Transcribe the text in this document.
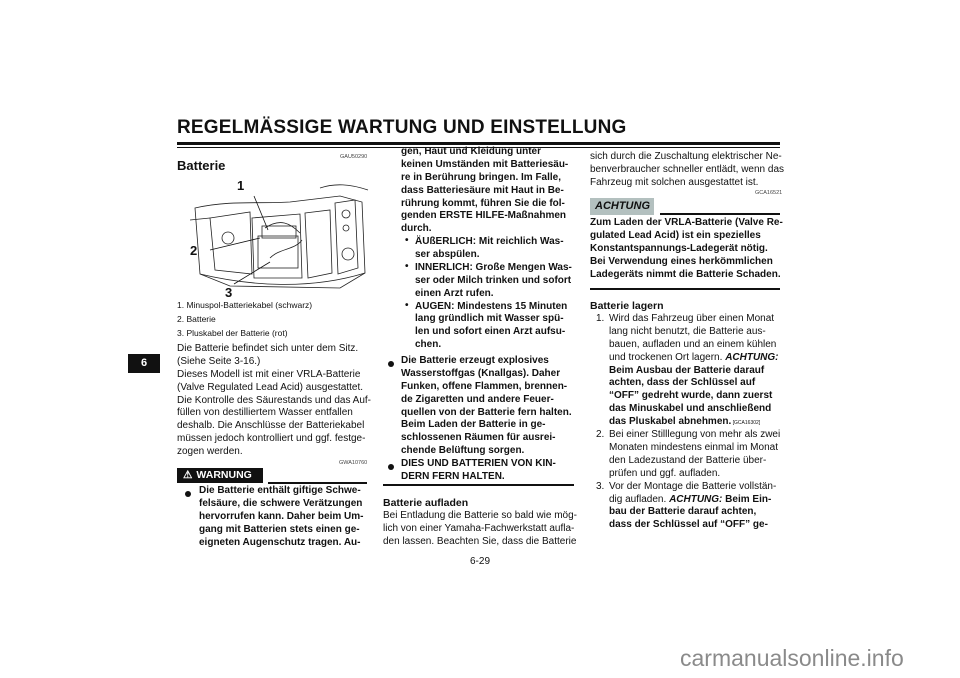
REGELMÄSSIGE WARTUNG UND EINSTELLUNG
6
GAU50290
Batterie
1
2
3
1. Minuspol-Batteriekabel (schwarz)
2. Batterie
3. Pluskabel der Batterie (rot)
Die Batterie befindet sich unter dem Sitz.
(Siehe Seite 3-16.)
Dieses Modell ist mit einer VRLA-Batterie
(Valve Regulated Lead Acid) ausgestattet.
Die Kontrolle des Säurestands und das Auf-
füllen von destilliertem Wasser entfallen
deshalb. Die Anschlüsse der Batteriekabel
müssen jedoch kontrolliert und ggf. festge-
zogen werden.
GWA10760
⚠ WARNUNG
Die Batterie enthält giftige Schwe-
felsäure, die schwere Verätzungen
hervorrufen kann. Daher beim Um-
gang mit Batterien stets einen ge-
eigneten Augenschutz tragen. Au-
gen, Haut und Kleidung unter
keinen Umständen mit Batteriesäu-
re in Berührung bringen. Im Falle,
dass Batteriesäure mit Haut in Be-
rührung kommt, führen Sie die fol-
genden ERSTE HILFE-Maßnahmen
durch.
• ÄUßERLICH: Mit reichlich Was-
ser abspülen.
• INNERLICH: Große Mengen Was-
ser oder Milch trinken und sofort
einen Arzt rufen.
• AUGEN: Mindestens 15 Minuten
lang gründlich mit Wasser spü-
len und sofort einen Arzt aufsu-
chen.
Die Batterie erzeugt explosives
Wasserstoffgas (Knallgas). Daher
Funken, offene Flammen, brennen-
de Zigaretten und andere Feuer-
quellen von der Batterie fern halten.
Beim Laden der Batterie in ge-
schlossenen Räumen für ausrei-
chende Belüftung sorgen.
DIES UND BATTERIEN VON KIN-
DERN FERN HALTEN.
Batterie aufladen
Bei Entladung die Batterie so bald wie mög-
lich von einer Yamaha-Fachwerkstatt aufla-
den lassen. Beachten Sie, dass die Batterie
sich durch die Zuschaltung elektrischer Ne-
benverbraucher schneller entlädt, wenn das
Fahrzeug mit solchen ausgestattet ist.
GCA16521
ACHTUNG
Zum Laden der VRLA-Batterie (Valve Re-
gulated Lead Acid) ist ein spezielles
Konstantspannungs-Ladegerät nötig.
Bei Verwendung eines herkömmlichen
Ladegeräts nimmt die Batterie Schaden.
Batterie lagern
1. Wird das Fahrzeug über einen Monat
lang nicht benutzt, die Batterie aus-
bauen, aufladen und an einem kühlen
und trockenen Ort lagern. ACHTUNG:
Beim Ausbau der Batterie darauf
achten, dass der Schlüssel auf
“OFF” gedreht wurde, dann zuerst
das Minuskabel und anschließend
das Pluskabel abnehmen. [GCA16302]
2. Bei einer Stilllegung von mehr als zwei
Monaten mindestens einmal im Monat
den Ladezustand der Batterie über-
prüfen und ggf. aufladen.
3. Vor der Montage die Batterie vollstän-
dig aufladen. ACHTUNG: Beim Ein-
bau der Batterie darauf achten,
dass der Schlüssel auf “OFF” ge-
6-29
carmanualsonline.info
